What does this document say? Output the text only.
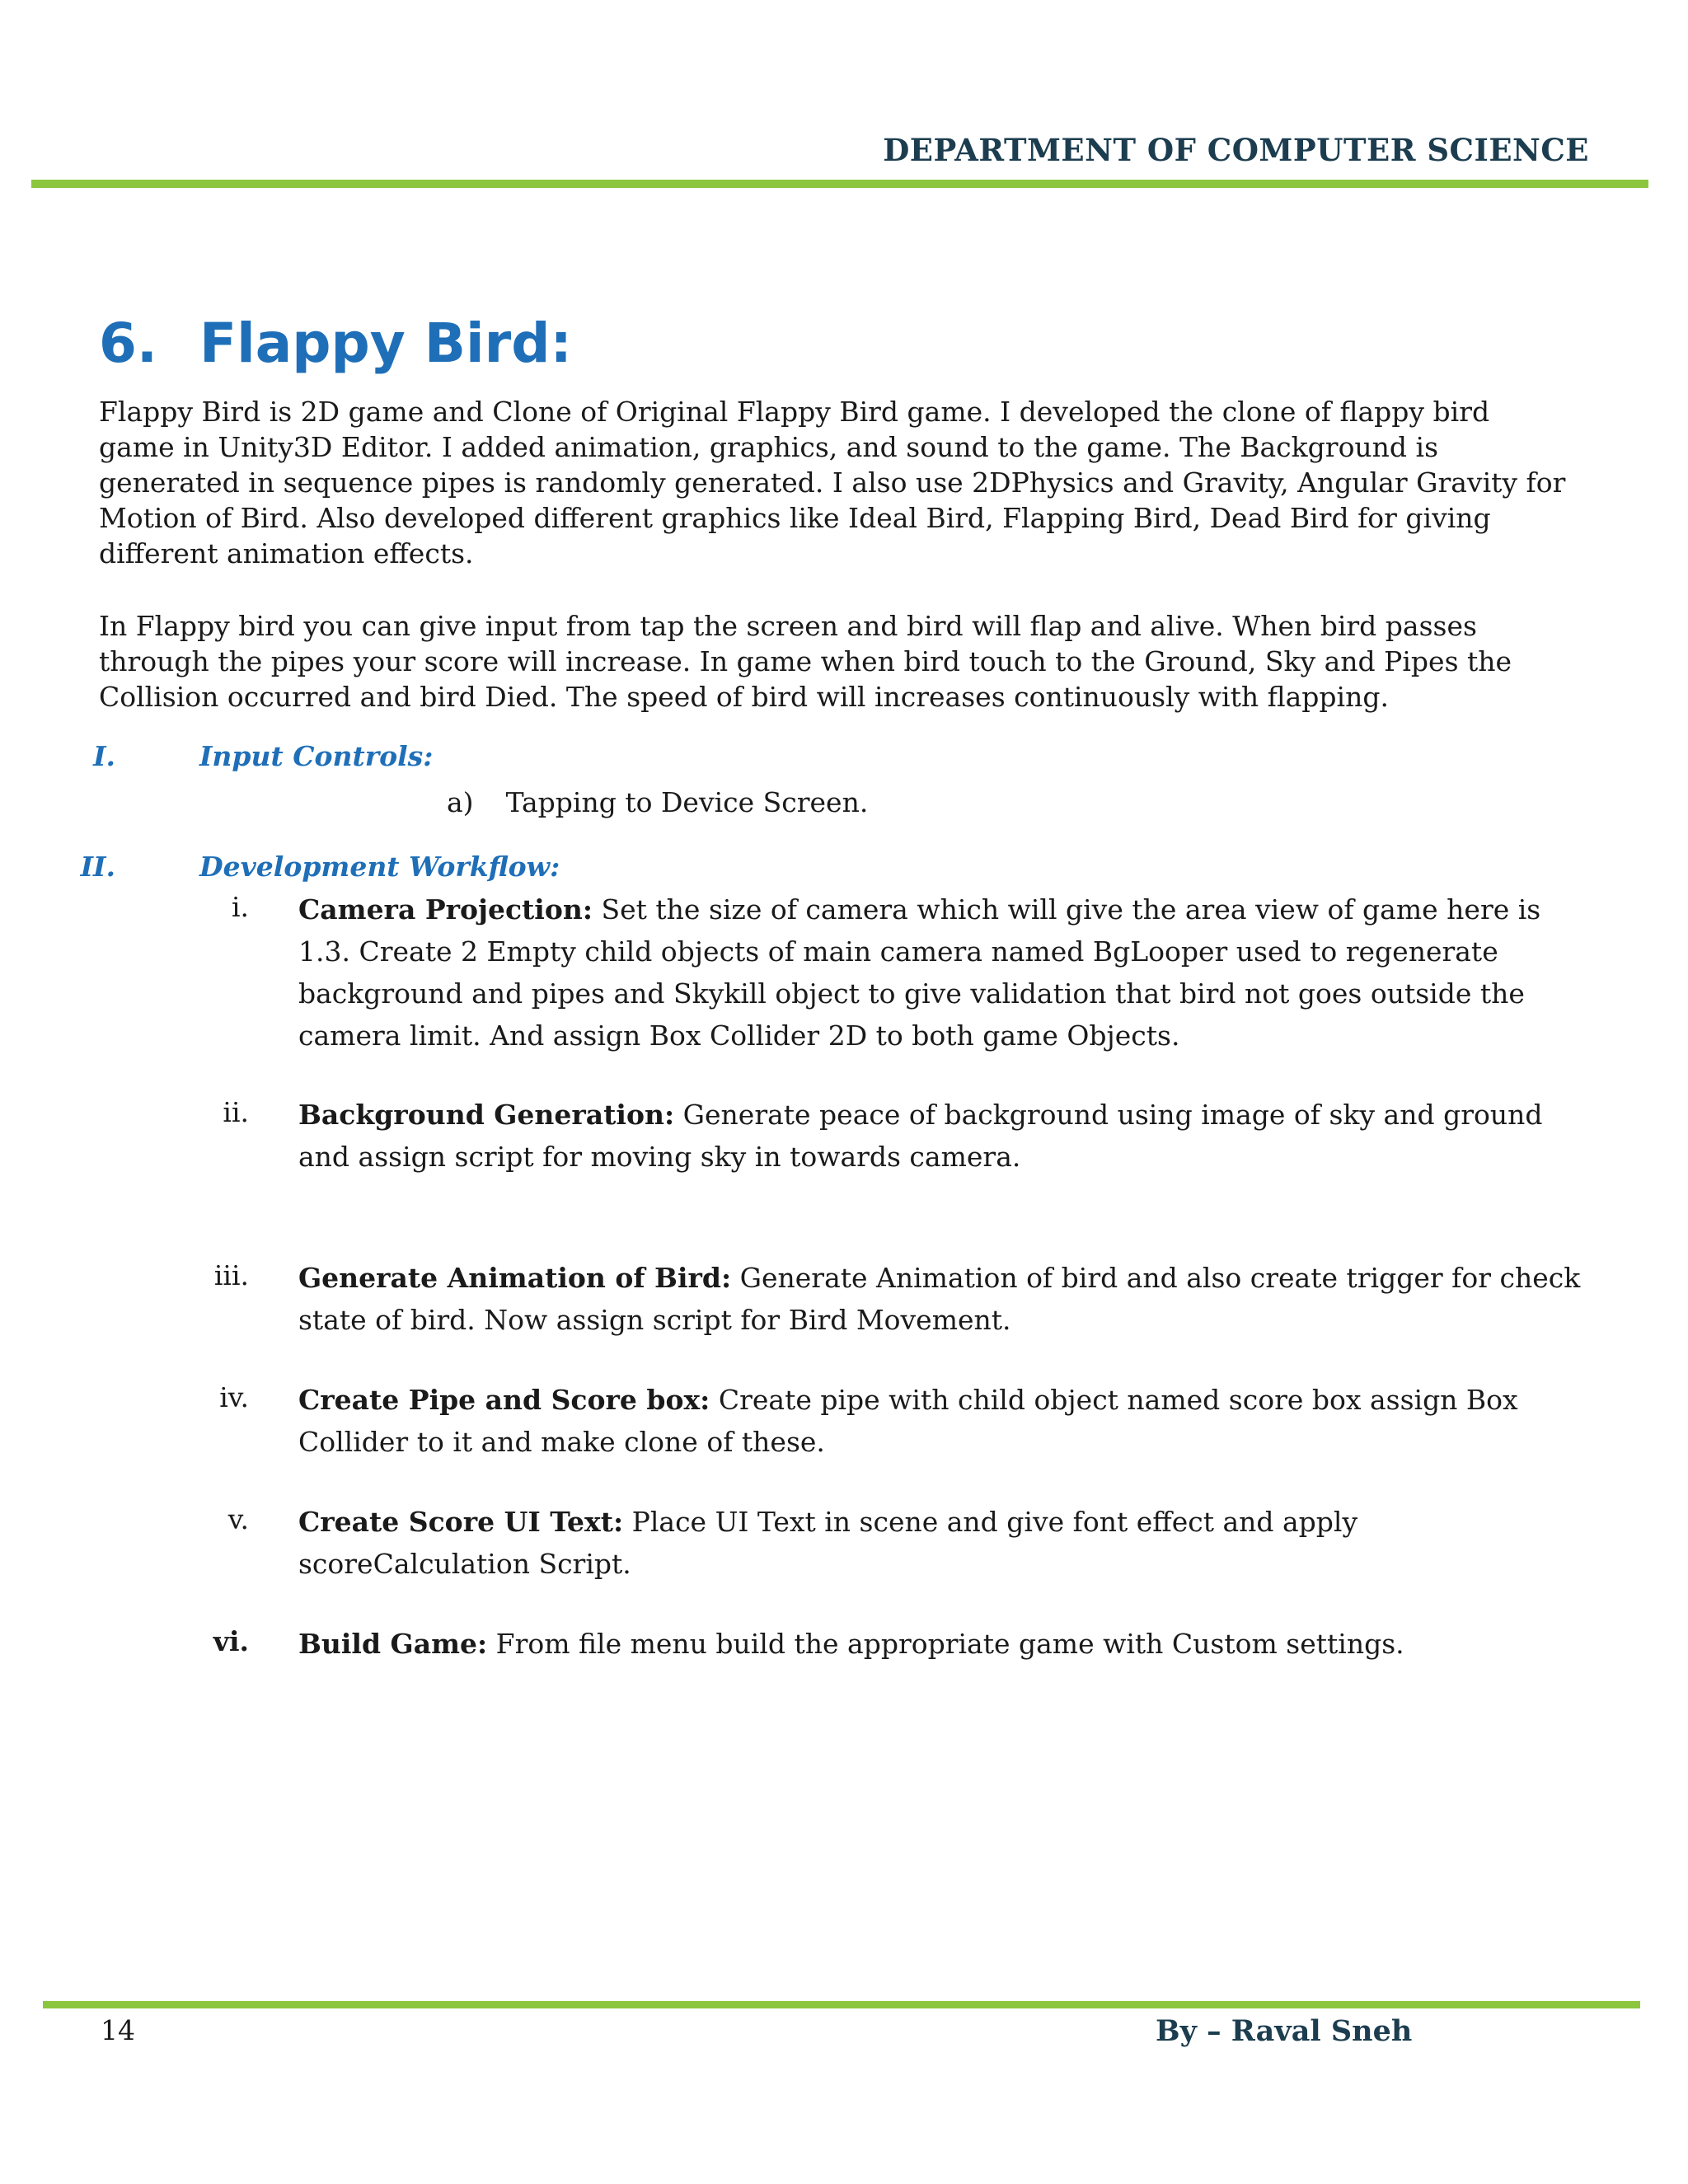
DEPARTMENT OF COMPUTER SCIENCE
6. Flappy Bird:
Flappy Bird is 2D game and Clone of Original Flappy Bird game. I developed the clone of flappy bird
game in Unity3D Editor. I added animation, graphics, and sound to the game. The Background is
generated in sequence pipes is randomly generated. I also use 2DPhysics and Gravity, Angular Gravity for
Motion of Bird. Also developed different graphics like Ideal Bird, Flapping Bird, Dead Bird for giving
different animation effects.
In Flappy bird you can give input from tap the screen and bird will flap and alive. When bird passes
through the pipes your score will increase. In game when bird touch to the Ground, Sky and Pipes the
Collision occurred and bird Died. The speed of bird will increases continuously with flapping.
I.	Input Controls:
a) Tapping to Device Screen.
II.	Development Workflow:
i. Camera Projection: Set the size of camera which will give the area view of game here is
1.3. Create 2 Empty child objects of main camera named BgLooper used to regenerate
background and pipes and Skykill object to give validation that bird not goes outside the
camera limit. And assign Box Collider 2D to both game Objects.
ii. Background Generation: Generate peace of background using image of sky and ground
and assign script for moving sky in towards camera.
iii. Generate Animation of Bird: Generate Animation of bird and also create trigger for check
state of bird. Now assign script for Bird Movement.
iv. Create Pipe and Score box: Create pipe with child object named score box assign Box
Collider to it and make clone of these.
v. Create Score UI Text: Place UI Text in scene and give font effect and apply
scoreCalculation Script.
vi. Build Game: From file menu build the appropriate game with Custom settings.
14	By – Raval Sneh
